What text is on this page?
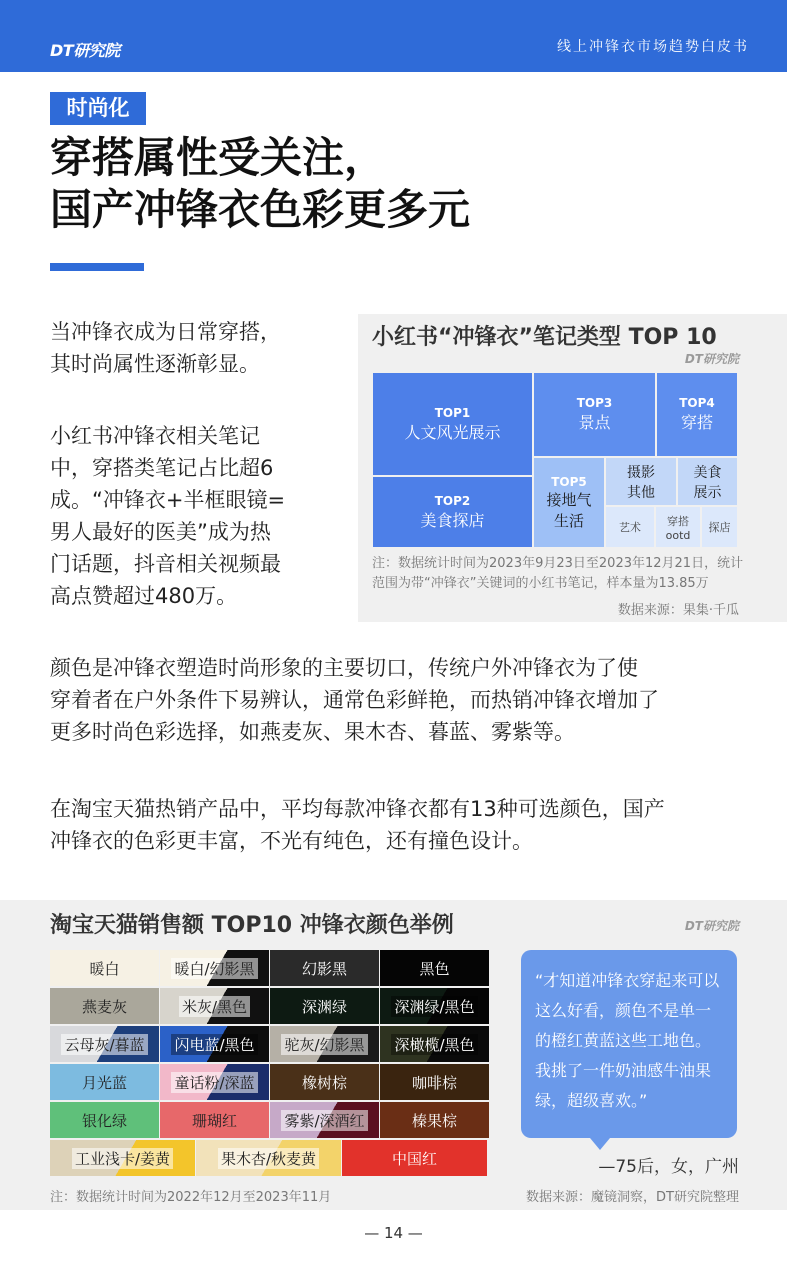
DT研究院	线上冲锋衣市场趋势白皮书
时尚化
穿搭属性受关注，
国产冲锋衣色彩更多元
当冲锋衣成为日常穿搭，
其时尚属性逐渐彰显。
小红书冲锋衣相关笔记
中，穿搭类笔记占比超6
成。“冲锋衣+半框眼镜=
男人最好的医美”成为热
门话题，抖音相关视频最
高点赞超过480万。
小红书“冲锋衣”笔记类型 TOP 10
DT研究院
TOP1
人文风光展示
TOP2
美食探店
TOP3
景点
TOP4
穿搭
TOP5
接地气
生活
摄影
其他
美食
展示
艺术 穿搭
ootd
探店
注：数据统计时间为2023年9月23日至2023年12月21日，统计
范围为带“冲锋衣”关键词的小红书笔记，样本量为13.85万
数据来源：果集·千瓜
颜色是冲锋衣塑造时尚形象的主要切口，传统户外冲锋衣为了使
穿着者在户外条件下易辨认，通常色彩鲜艳，而热销冲锋衣增加了
更多时尚色彩选择，如燕麦灰、果木杏、暮蓝、雾紫等。
在淘宝天猫热销产品中，平均每款冲锋衣都有13种可选颜色，国产
冲锋衣的色彩更丰富，不光有纯色，还有撞色设计。
淘宝天猫销售额 TOP10 冲锋衣颜色举例	DT研究院
暖白	暖白/幻影黑	幻影黑	黑色
燕麦灰	米灰/黑色	深渊绿	深渊绿/黑色
云母灰/暮蓝 闪电蓝/黑色 驼灰/幻影黑 深橄榄/黑色
月光蓝	童话粉/深蓝	橡树棕	咖啡棕
银化绿	珊瑚红	雾紫/深酒红	榛果棕
工业浅卡/姜黄	果木杏/秋麦黄	中国红
“才知道冲锋衣穿起来可以这么好看，颜色不是单一的橙红黄蓝这些工地色。我挑了一件奶油感牛油果绿，超级喜欢。”
—75后，女，广州
注：数据统计时间为2022年12月至2023年11月	数据来源：魔镜洞察，DT研究院整理
— 14 —
